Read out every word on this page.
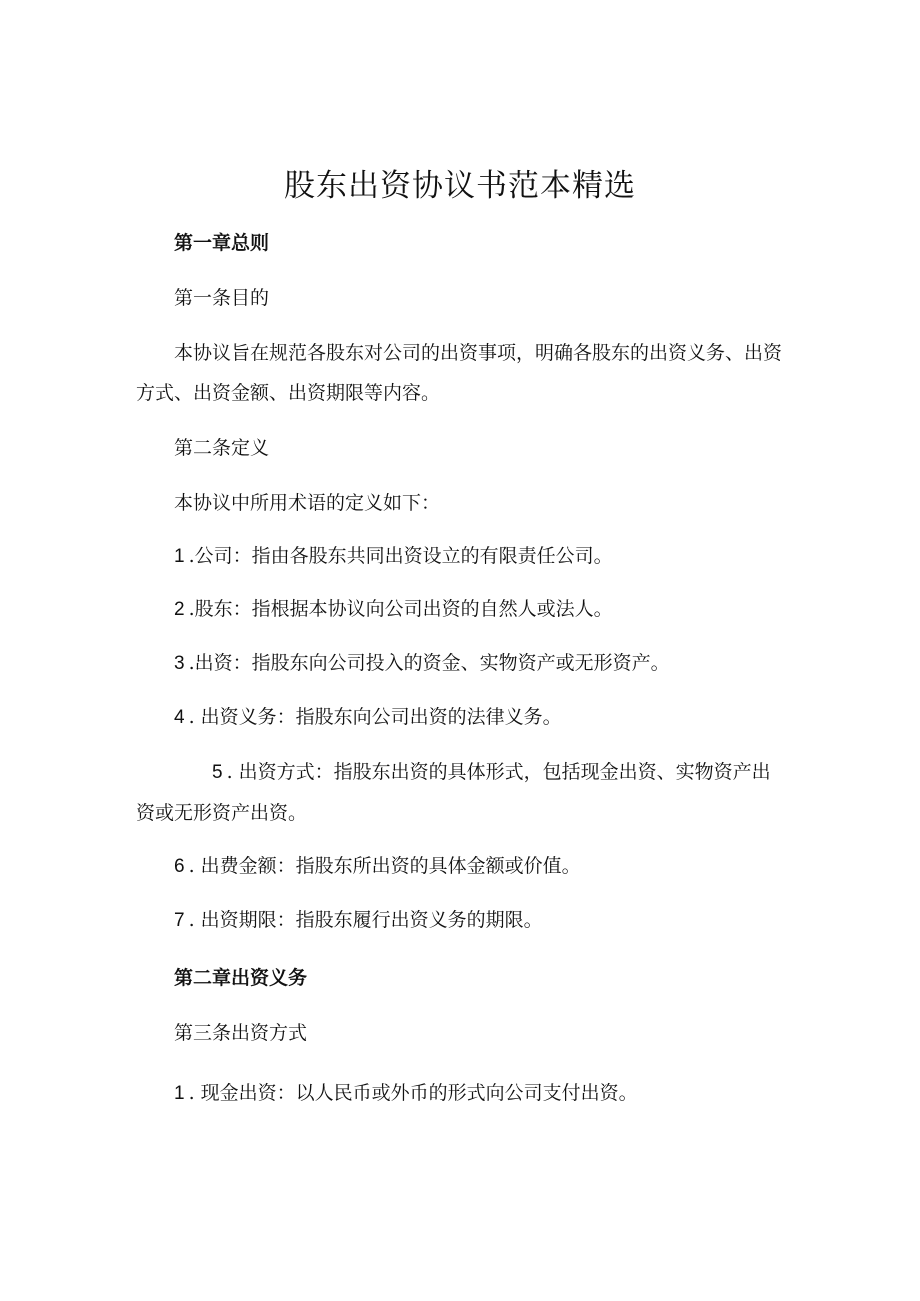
股东出资协议书范本精选

第一章总则

第一条目的

本协议旨在规范各股东对公司的出资事项，明确各股东的出资义务、出资方式、出资金额、出资期限等内容。

第二条定义

本协议中所用术语的定义如下：

1 .公司：指由各股东共同出资设立的有限责任公司。

2 .股东：指根据本协议向公司出资的自然人或法人。

3 .出资：指股东向公司投入的资金、实物资产或无形资产。

4 . 出资义务：指股东向公司出资的法律义务。

5 . 出资方式：指股东出资的具体形式，包括现金出资、实物资产出资或无形资产出资。

6 . 出费金额：指股东所出资的具体金额或价值。

7 . 出资期限：指股东履行出资义务的期限。

第二章出资义务

第三条出资方式

1 . 现金出资：以人民币或外币的形式向公司支付出资。
